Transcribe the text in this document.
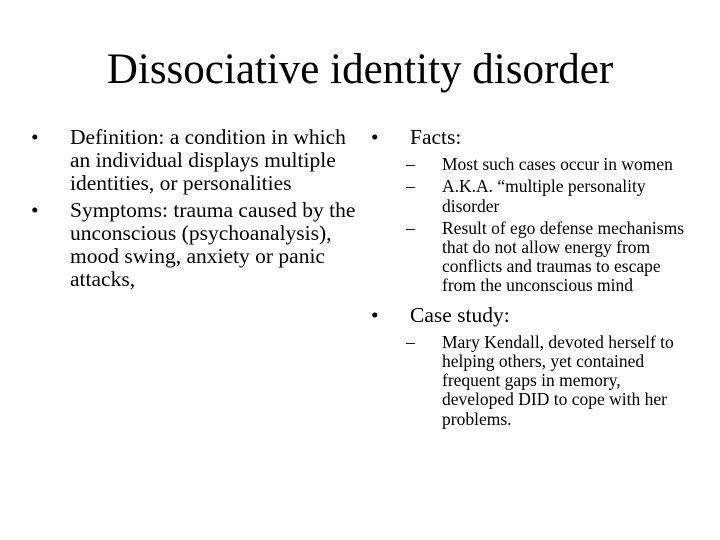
Dissociative identity disorder
• Definition: a condition in which an individual displays multiple identities, or personalities
• Symptoms: trauma caused by the unconscious (psychoanalysis), mood swing, anxiety or panic attacks,
• Facts:
– Most such cases occur in women
– A.K.A. “multiple personality disorder
– Result of ego defense mechanisms that do not allow energy from conflicts and traumas to escape from the unconscious mind
• Case study:
– Mary Kendall, devoted herself to helping others, yet contained frequent gaps in memory, developed DID to cope with her problems.
